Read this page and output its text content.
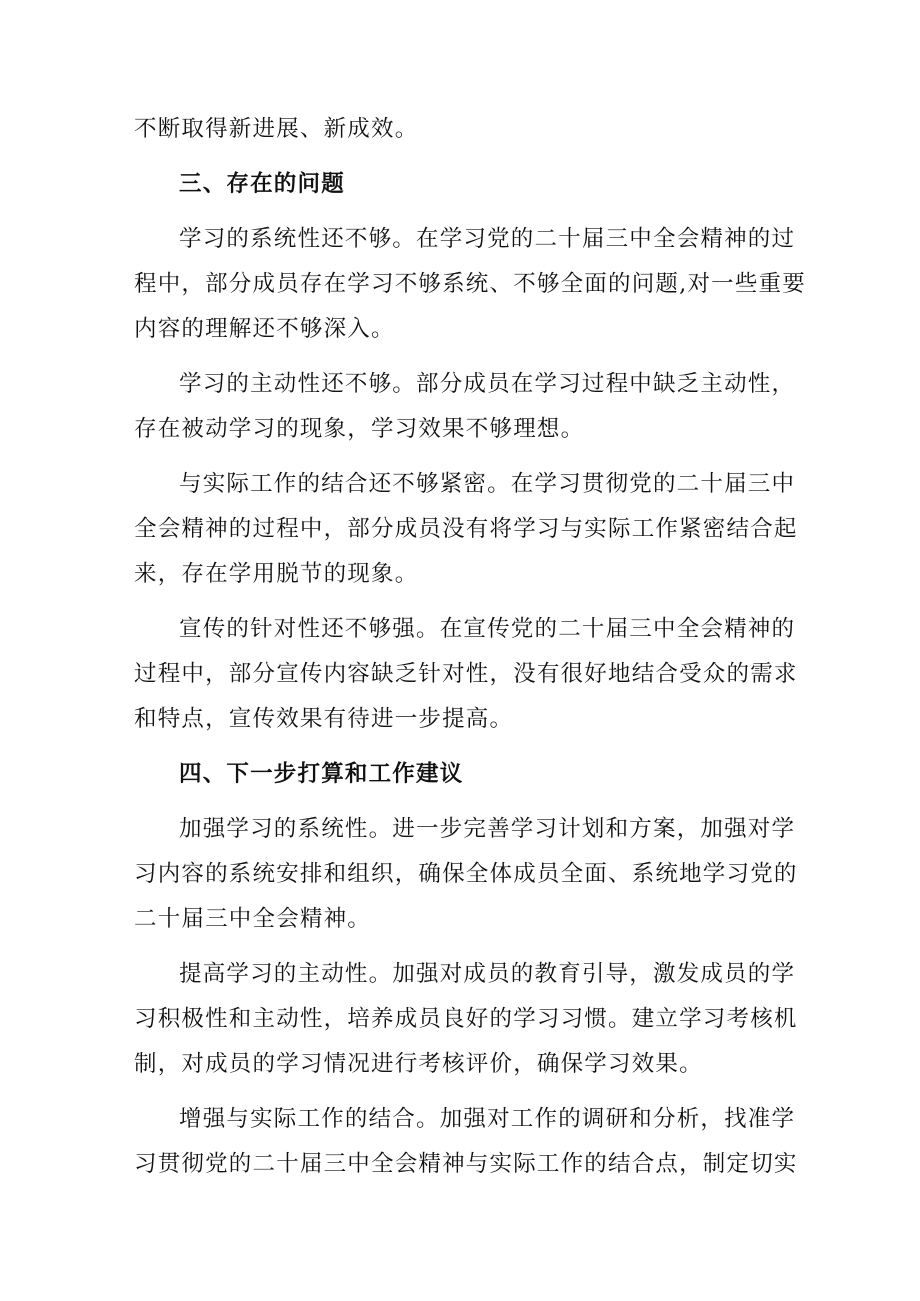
不断取得新进展、新成效。
三、存在的问题
学习的系统性还不够。在学习党的二十届三中全会精神的过
程中，部分成员存在学习不够系统、不够全面的问题,对一些重要
内容的理解还不够深入。
学习的主动性还不够。部分成员在学习过程中缺乏主动性，
存在被动学习的现象，学习效果不够理想。
与实际工作的结合还不够紧密。在学习贯彻党的二十届三中
全会精神的过程中，部分成员没有将学习与实际工作紧密结合起
来，存在学用脱节的现象。
宣传的针对性还不够强。在宣传党的二十届三中全会精神的
过程中，部分宣传内容缺乏针对性，没有很好地结合受众的需求
和特点，宣传效果有待进一步提高。
四、下一步打算和工作建议
加强学习的系统性。进一步完善学习计划和方案，加强对学
习内容的系统安排和组织，确保全体成员全面、系统地学习党的
二十届三中全会精神。
提高学习的主动性。加强对成员的教育引导，激发成员的学
习积极性和主动性，培养成员良好的学习习惯。建立学习考核机
制，对成员的学习情况进行考核评价，确保学习效果。
增强与实际工作的结合。加强对工作的调研和分析，找准学
习贯彻党的二十届三中全会精神与实际工作的结合点，制定切实
